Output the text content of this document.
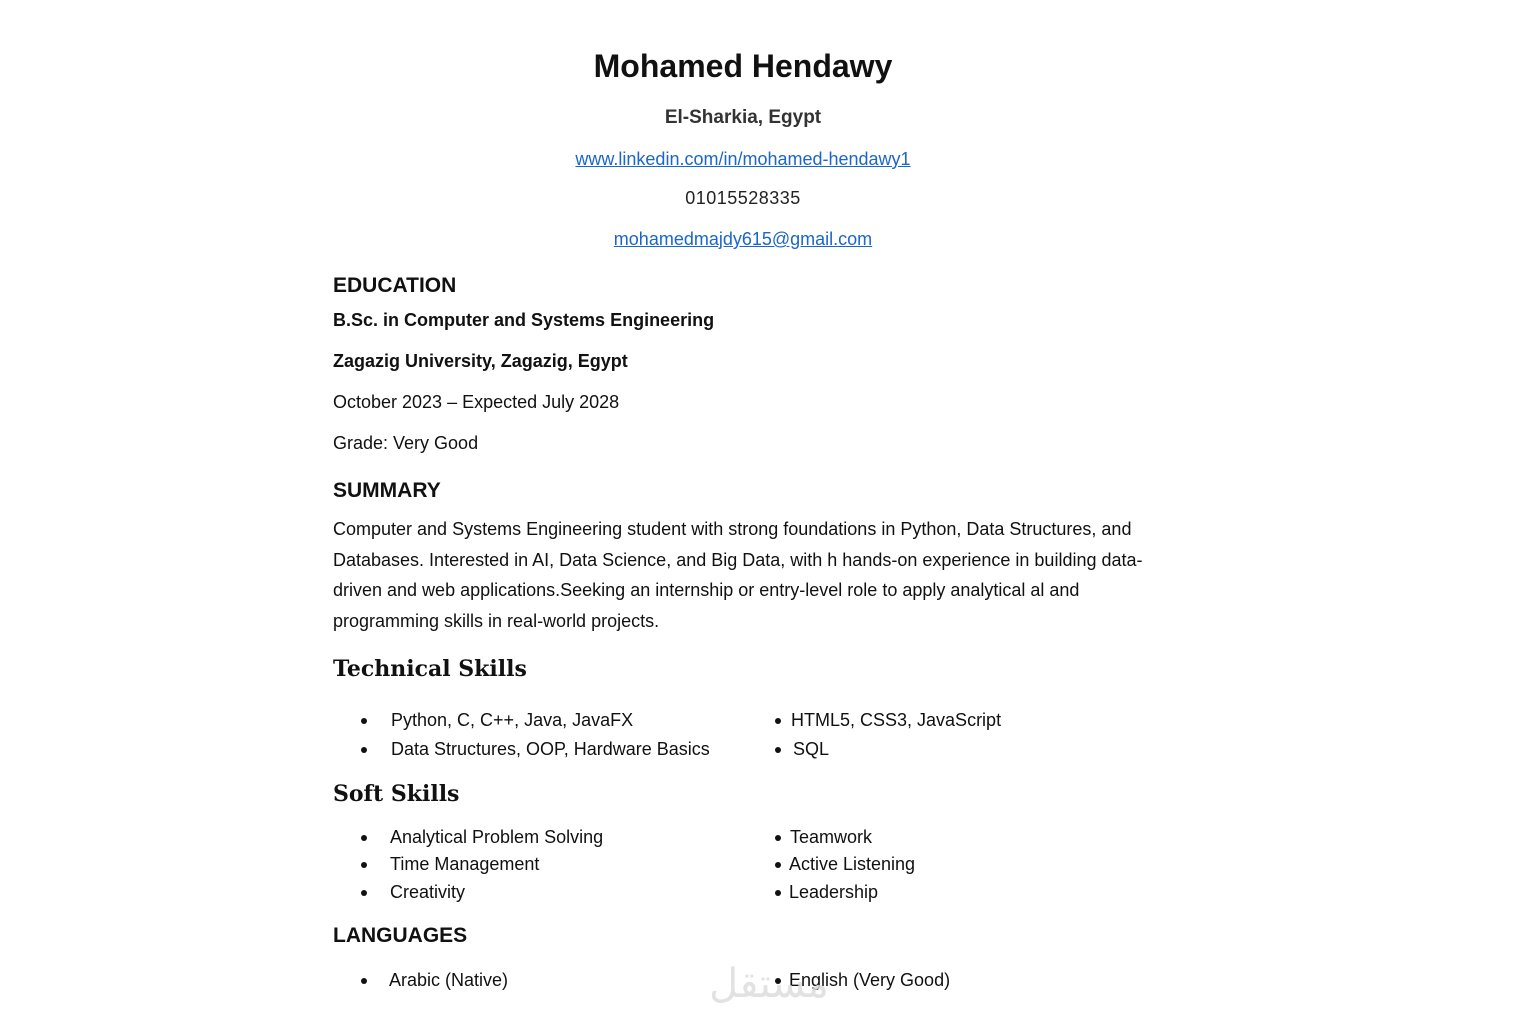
Mohamed Hendawy
El-Sharkia, Egypt
www.linkedin.com/in/mohamed-hendawy1
01015528335
mohamedmajdy615@gmail.com
EDUCATION
B.Sc. in Computer and Systems Engineering
Zagazig University, Zagazig, Egypt
October 2023 – Expected July 2028
Grade: Very Good
SUMMARY
Computer and Systems Engineering student with strong foundations in Python, Data Structures, and Databases. Interested in AI, Data Science, and Big Data, with h hands-on experience in building data-driven and web applications.Seeking an internship or entry-level role to apply analytical al and programming skills in real-world projects.
Technical Skills
Python, C, C++, Java, JavaFX
Data Structures, OOP, Hardware Basics
HTML5, CSS3, JavaScript
SQL
Soft Skills
Analytical Problem Solving
Time Management
Creativity
Teamwork
Active Listening
Leadership
LANGUAGES
Arabic (Native)	English (Very Good)
مستقل
